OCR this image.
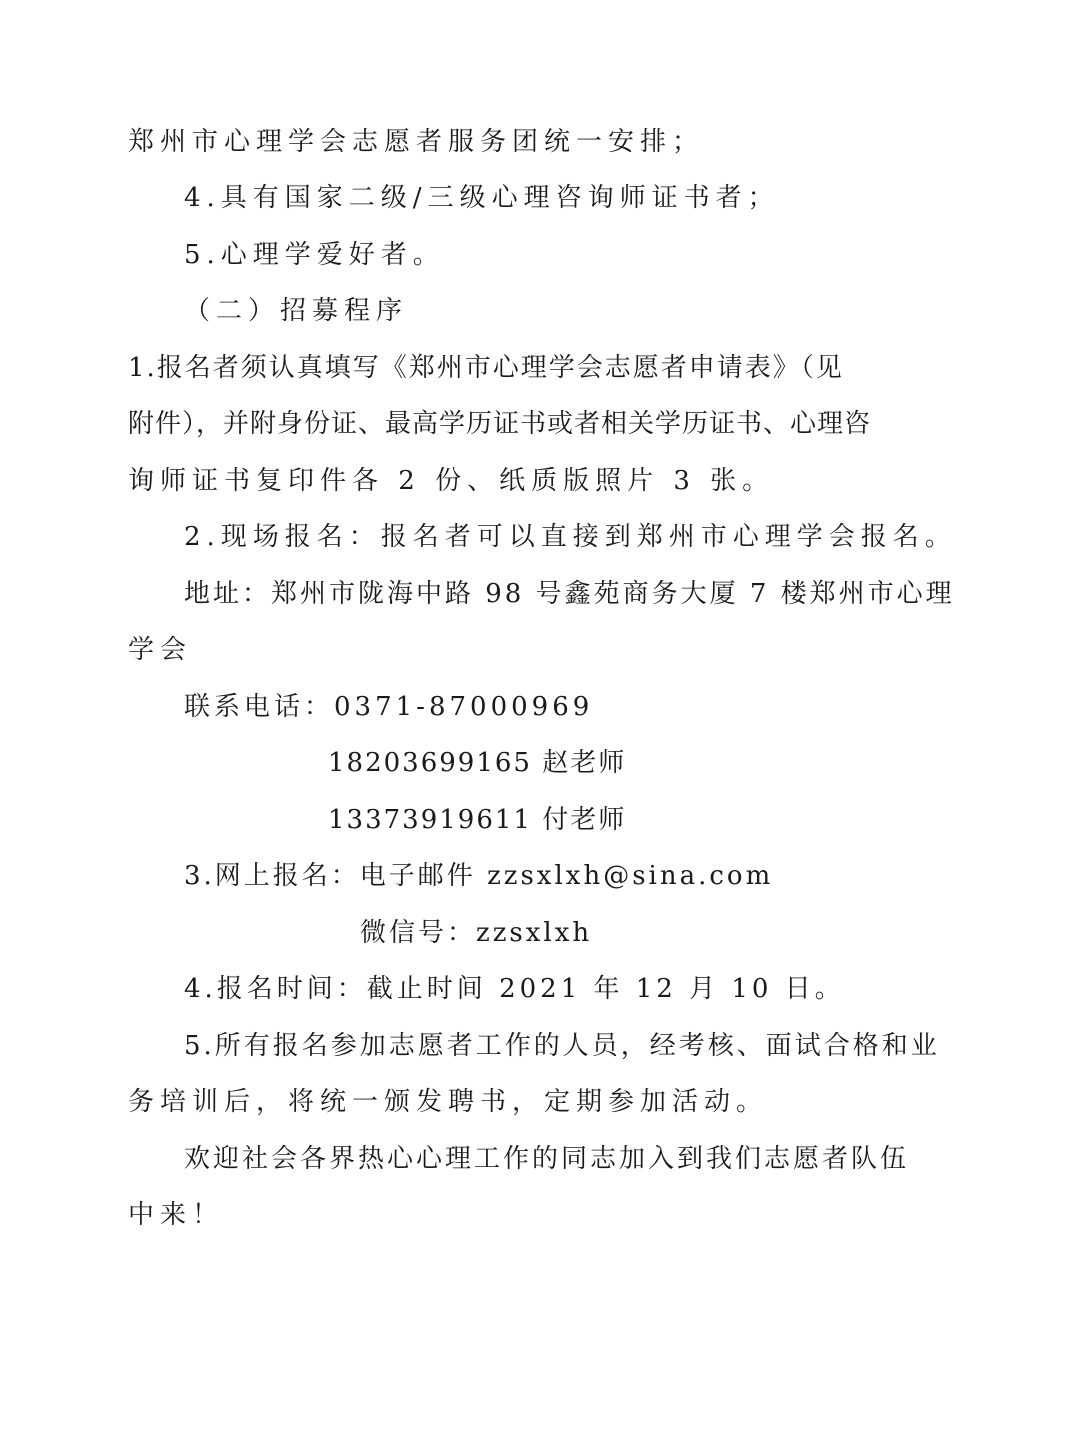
郑州市心理学会志愿者服务团统一安排；
4.具有国家二级/三级心理咨询师证书者；
5.心理学爱好者。
（二）招募程序
1.报名者须认真填写《郑州市心理学会志愿者申请表》（见
附件），并附身份证、最高学历证书或者相关学历证书、心理咨
询师证书复印件各 2 份、纸质版照片 3 张。
2.现场报名：报名者可以直接到郑州市心理学会报名。
地址：郑州市陇海中路 98 号鑫苑商务大厦 7 楼郑州市心理
学会
联系电话：0371-87000969
18203699165 赵老师
13373919611 付老师
3.网上报名：电子邮件 zzsxlxh@sina.com
微信号：zzsxlxh
4.报名时间：截止时间 2021 年 12 月 10 日。
5.所有报名参加志愿者工作的人员，经考核、面试合格和业
务培训后，将统一颁发聘书，定期参加活动。
欢迎社会各界热心心理工作的同志加入到我们志愿者队伍
中来！
